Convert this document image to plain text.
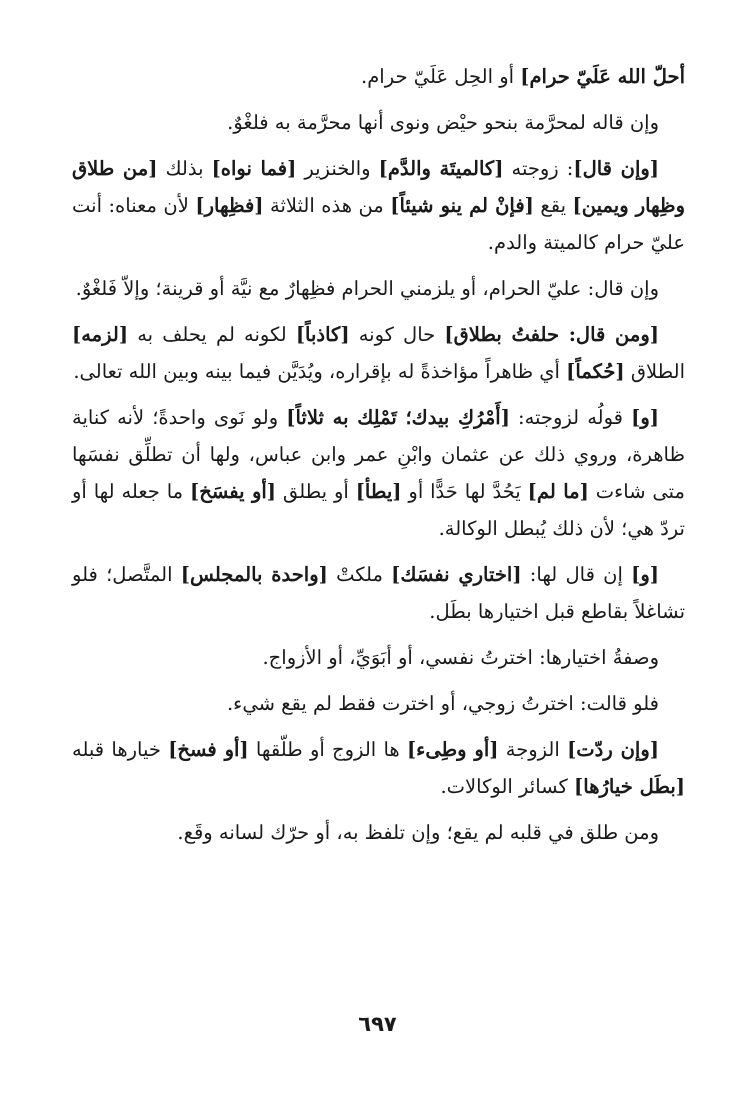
أحلّ الله عَلَيّ حرام] أو الحِل عَلَيّ حرام.

وإن قاله لمحرَّمة بنحو حيْض ونوى أنها محرَّمة به فلغْوٌ.

[وإن قال]: زوجته [كالميتَة والدَّم] والخنزير [فما نواه] بذلك [من طلاق وظِهار ويمين] يقع [فإنْ لم ينو شيئاً] من هذه الثلاثة [فظِهار] لأن معناه: أنت عليّ حرام كالميتة والدم.

وإن قال: عليّ الحرام، أو يلزمني الحرام فظِهارٌ مع نيَّة أو قرينة؛ وإلاّ فَلغْوٌ.

[ومن قال: حلفتُ بطلاق] حال كونه [كاذباً] لكونه لم يحلف به [لزمه] الطلاق [حُكماً] أي ظاهراً مؤاخذةً له بإقراره، ويُدَيَّن فيما بينه وبين الله تعالى.

[و] قولُه لزوجته: [أَمْرُكِ بيدك؛ تَمْلِك به ثلاثاً] ولو نَوى واحدةً؛ لأنه كناية ظاهرة، وروي ذلك عن عثمان وابْنِ عمر وابن عباس، ولها أن تطلِّق نفسَها متى شاءت [ما لم] يَحُدَّ لها حَدًّا أو [يطأ] أو يطلق [أو يفسَخ] ما جعله لها أو تردّ هي؛ لأن ذلك يُبطل الوكالة.

[و] إن قال لها: [اختاري نفسَك] ملكتْ [واحدة بالمجلس] المتَّصل؛ فلو تشاغلاً بقاطع قبل اختيارها بطَل.

وصفةُ اختيارها: اخترتُ نفسي، أو أبَوَيِّ، أو الأزواج.

فلو قالت: اخترتُ زوجي، أو اخترت فقط لم يقع شيء.

[وإن ردّت] الزوجة [أو وطِىء] ها الزوج أو طلّقها [أو فسخ] خيارها قبله [بطَل خيارُها] كسائر الوكالات.

ومن طلق في قلبه لم يقع؛ وإن تلفظ به، أو حرّك لسانه وقَع.

٦٩٧
